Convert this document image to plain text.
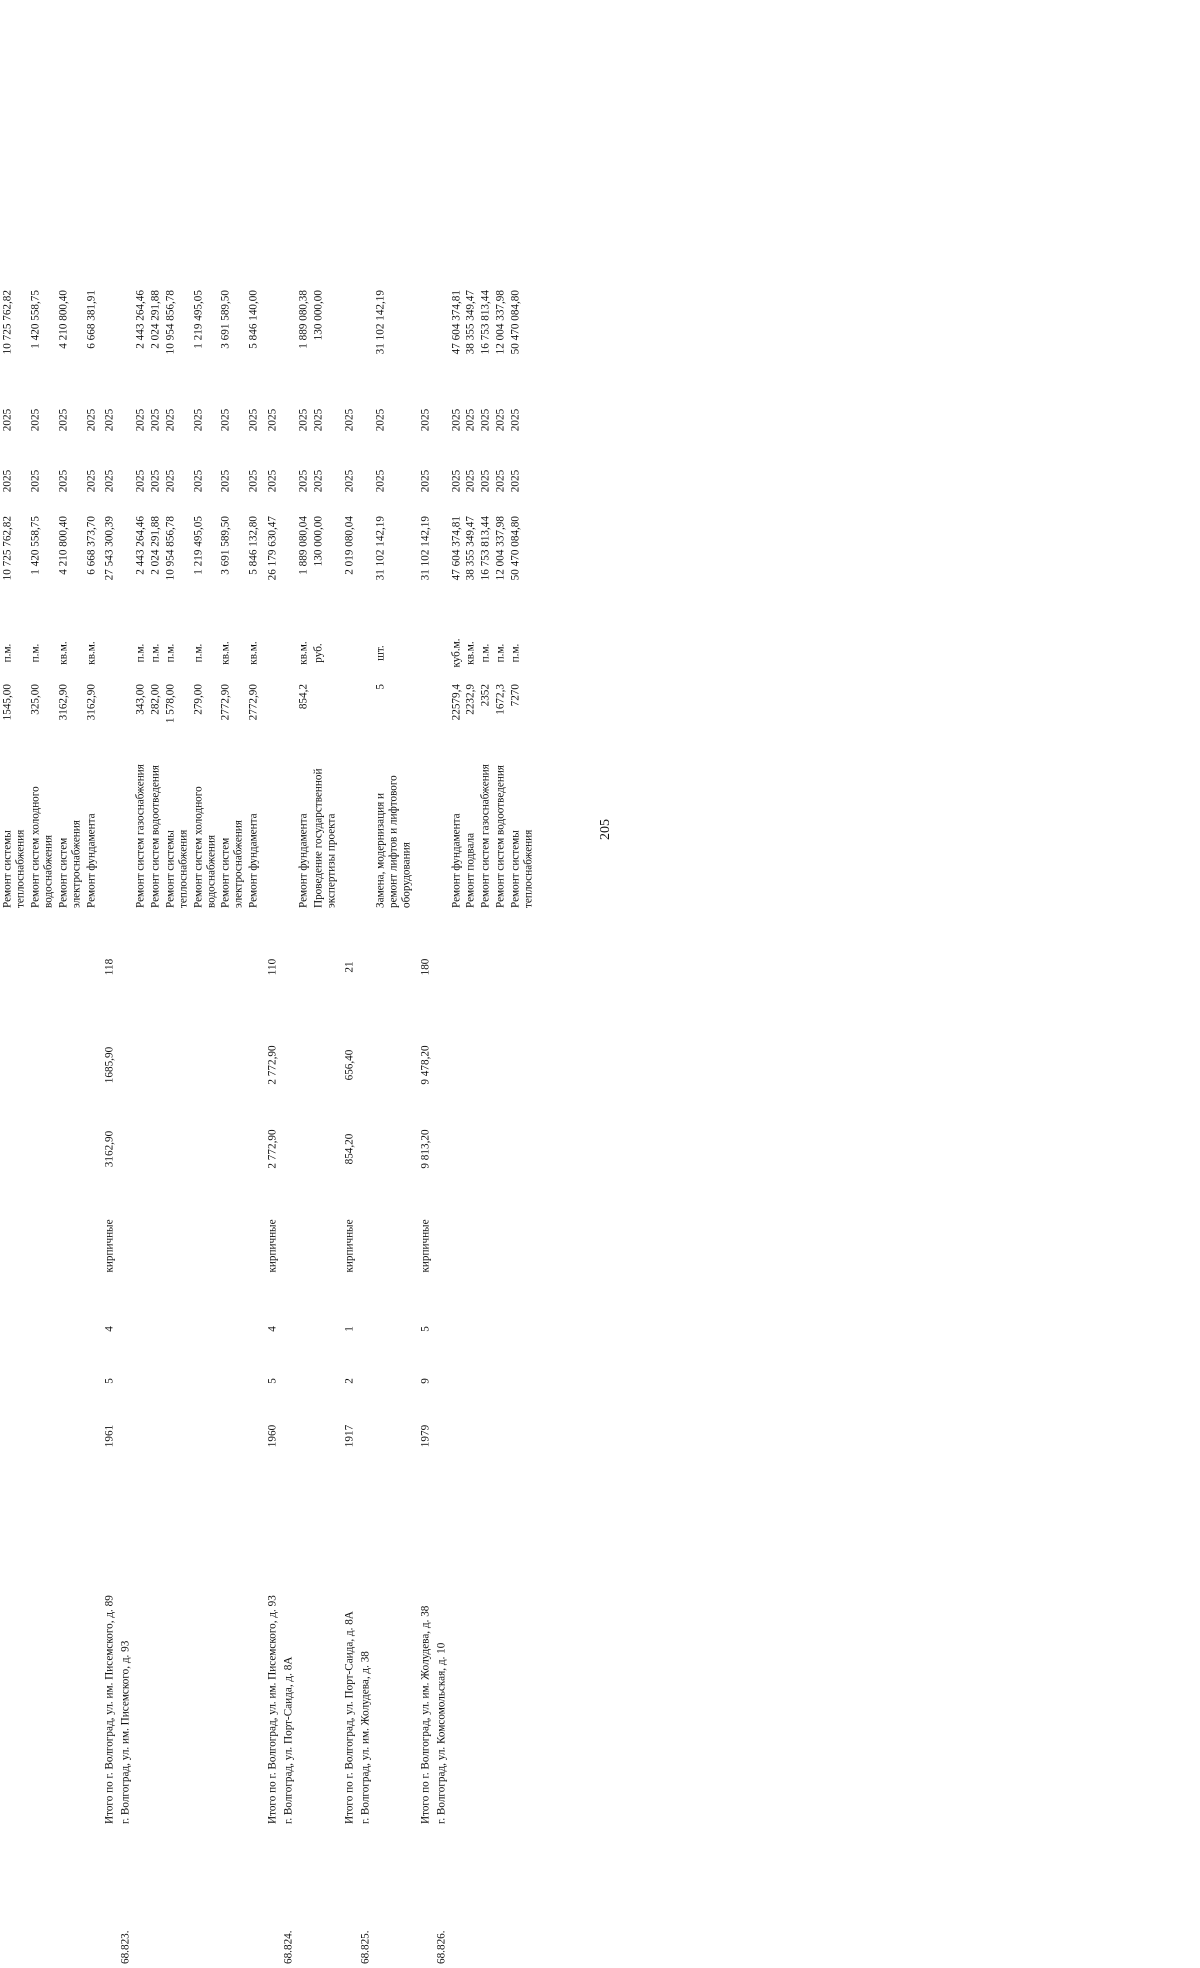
205

									Ремонт системы теплоснабжения	1545,00	п.м.	10 725 762,82	2025	2025	10 725 762,82
									Ремонт систем холодного водоснабжения	325,00	п.м.	1 420 558,75	2025	2025	1 420 558,75
									Ремонт систем электроснабжения	3162,90	кв.м.	4 210 800,40	2025	2025	4 210 800,40
									Ремонт фундамента	3162,90	кв.м.	6 668 373,70	2025	2025	6 668 381,91
	Итого по г. Волгоград, ул. им. Писемского, д. 89	1961	5	4	кирпичные	3162,90	1685,90	118				27 543 300,39	2025	2025	
68.823.	г. Волгоград, ул. им. Писемского, д. 93														
									Ремонт систем газоснабжения	343,00	п.м.	2 443 264,46	2025	2025	2 443 264,46
									Ремонт систем водоотведения	282,00	п.м.	2 024 291,88	2025	2025	2 024 291,88
									Ремонт системы теплоснабжения	1 578,00	п.м.	10 954 856,78	2025	2025	10 954 856,78
									Ремонт систем холодного водоснабжения	279,00	п.м.	1 219 495,05	2025	2025	1 219 495,05
									Ремонт систем электроснабжения	2772,90	кв.м.	3 691 589,50	2025	2025	3 691 589,50
									Ремонт фундамента	2772,90	кв.м.	5 846 132,80	2025	2025	5 846 140,00
	Итого по г. Волгоград, ул. им. Писемского, д. 93	1960	5	4	кирпичные	2 772,90	2 772,90	110				26 179 630,47	2025	2025	
68.824.	г. Волгоград, ул. Порт-Саида, д. 8А														
									Ремонт фундамента	854,2	кв.м.	1 889 080,04	2025	2025	1 889 080,38
									Проведение государственной экспертизы проекта		руб.	130 000,00	2025	2025	130 000,00
	Итого по г. Волгоград, ул. Порт-Саида, д. 8А	1917	2	1	кирпичные	854,20	656,40	21				2 019 080,04	2025	2025	
68.825.	г. Волгоград, ул. им. Жолудева, д. 38														
									Замена, модернизация и ремонт лифтов и лифтового оборудования	5	шт.	31 102 142,19	2025	2025	31 102 142,19
	Итого по г. Волгоград, ул. им. Жолудева, д. 38	1979	9	5	кирпичные	9 813,20	9 478,20	180				31 102 142,19	2025	2025	
68.826.	г. Волгоград, ул. Комсомольская, д. 10														
									Ремонт фундамента	22579,4	куб.м.	47 604 374,81	2025	2025	47 604 374,81
									Ремонт подвала	2232,9	кв.м.	38 355 349,47	2025	2025	38 355 349,47
									Ремонт систем газоснабжения	2352	п.м.	16 753 813,44	2025	2025	16 753 813,44
									Ремонт систем водоотведения	1672,3	п.м.	12 004 337,98	2025	2025	12 004 337,98
									Ремонт системы теплоснабжения	7270	п.м.	50 470 084,80	2025	2025	50 470 084,80
